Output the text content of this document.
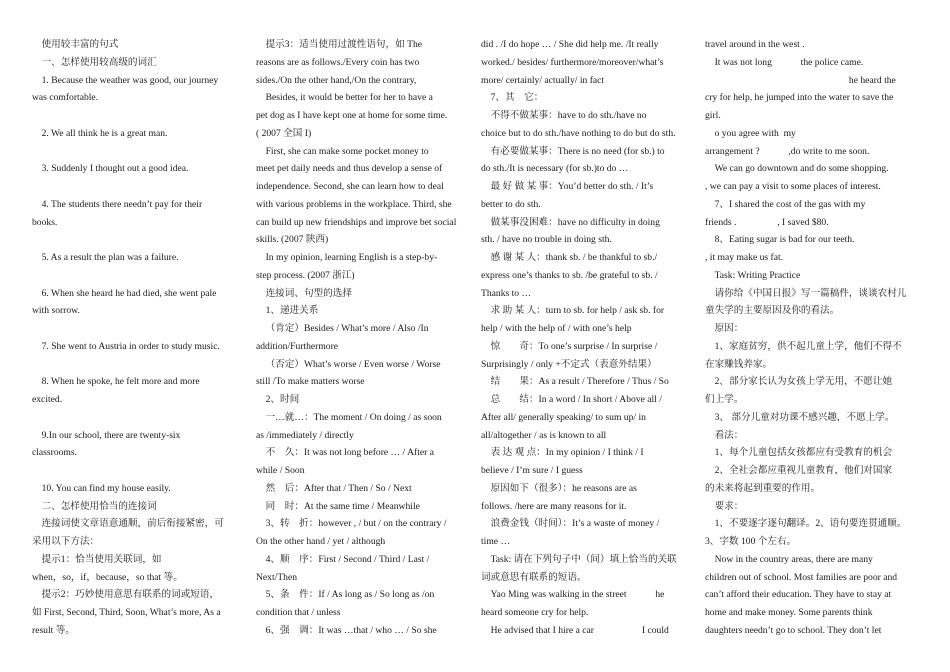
使用较丰富的句式
一、怎样使用较高级的词汇
1. Because the weather was good, our journey
was comfortable.
2. We all think he is a great man.
3. Suddenly I thought out a good idea.
4. The students there needn’t pay for their
books.
5. As a result the plan was a failure.
6. When she heard he had died, she went pale
with sorrow.
7. She went to Austria in order to study music.
8. When he spoke, he felt more and more
excited.
9.In our school, there are twenty-six
classrooms.
10. You can find my house easily.
二、怎样使用恰当的连接词
连接词使文章语意通顺，前后衔接紧密，可
采用以下方法：
提示1：恰当使用关联词，如
when，so，if，because，so that 等。
提示2：巧妙使用意思有联系的词或短语，
如 First, Second, Third, Soon, What’s more, As a
result 等。
提示3：适当使用过渡性语句，如 The
reasons are as follows./Every coin has two
sides./On the other hand,/On the contrary,
Besides, it would be better for her to have a
pet dog as I have kept one at home for some time.
( 2007 全国 I)
First, she can make some pocket money to
meet pet daily needs and thus develop a sense of
independence. Second, she can learn how to deal
with various problems in the workplace. Third, she
can build up new friendships and improve bet social
skills. (2007 陕西)
In my opinion, learning English is a step-by-
step process. (2007 浙江)
连接词、句型的选择
1、递进关系
（肯定）Besides / What’s more / Also /In
addition/Furthermore
（否定）What’s worse / Even worse / Worse
still /To make matters worse
2、时间
一…就…：The moment / On doing / as soon
as /immediately / directly
不　久：It was not long before … / After a
while / Soon
然　后：After that / Then / So / Next
同　时：At the same time / Meanwhile
3、转　折：however , / but / on the contrary /
On the other hand / yet / although
4、顺　序：First / Second / Third / Last /
Next/Then
5、条　件：If / As long as / So long as /on
condition that / unless
6、强　调：It was …that / who … / So she
did . /I do hope … / She did help me. /It really
worked./ besides/ furthermore/moreover/what’s
more/ certainly/ actually/ in fact
7、其　它：
不得不做某事：have to do sth./have no
choice but to do sth./have nothing to do but do sth.
有必要做某事：There is no need (for sb.) to
do sth./It is necessary (for sb.)to do …
最 好 做 某 事：You’d better do sth. / It’s
better to do sth.
做某事没困难：have no difficulty in doing
sth. / have no trouble in doing sth.
感 谢 某 人：thank sb. / be thankful to sb./
express one’s thanks to sb. /be grateful to sb. /
Thanks to …
求 助 某 人：turn to sb. for help / ask sb. for
help / with the help of / with one’s help
惊　　奇：To one’s surprise / In surprise /
Surprisingly / only +不定式（表意外结果）
结　　果：As a result / Therefore / Thus / So
总　　结：In a word / In short / Above all /
After all/ generally speaking/ to sum up/ in
all/altogether / as is known to all
表 达 观 点：In my opinion / I think / I
believe / I’m sure / I guess
原因如下（很多）：he reasons are as
follows. /here are many reasons for it.
浪费金钱（时间）：It’s a waste of money /
time …
Task: 请在下列句子中（间）填上恰当的关联
词或意思有联系的短语。
Yao Ming was walking in the street            he
heard someone cry for help.
He advised that I hire a car                    I could
travel around in the west .
It was not long            the police came.
he heard the
cry for help, he jumped into the water to save the
girl.
o you agree with  my
arrangement ?            ,do write to me soon.
We can go downtown and do some shopping.
, we can pay a visit to some places of interest.
7、I shared the cost of the gas with my
friends .                 , I saved $80.
8、Eating sugar is bad for our teeth.
, it may make us fat.
Task: Writing Practice
请你给《中国日报》写一篇稿件，谈谈农村儿
童失学的主要原因及你的看法。
原因：
1、家庭贫穷，供不起儿童上学，他们不得不
在家赚钱养家。
2、部分家长认为女孩上学无用，不愿让她
们上学。
3、 部分儿童对功课不感兴趣，不愿上学。
看法：
1、每个儿童包括女孩都应有受教育的机会
2、全社会都应重视儿童教育，他们对国家
的未来将起到重要的作用。
要求：
1、不要逐字逐句翻译。2、语句要连贯通顺。
3、字数 100 个左右。
Now in the country areas, there are many
children out of school. Most families are poor and
can’t afford their education. They have to stay at
home and make money. Some parents think
daughters needn’t go to school. They don’t let
